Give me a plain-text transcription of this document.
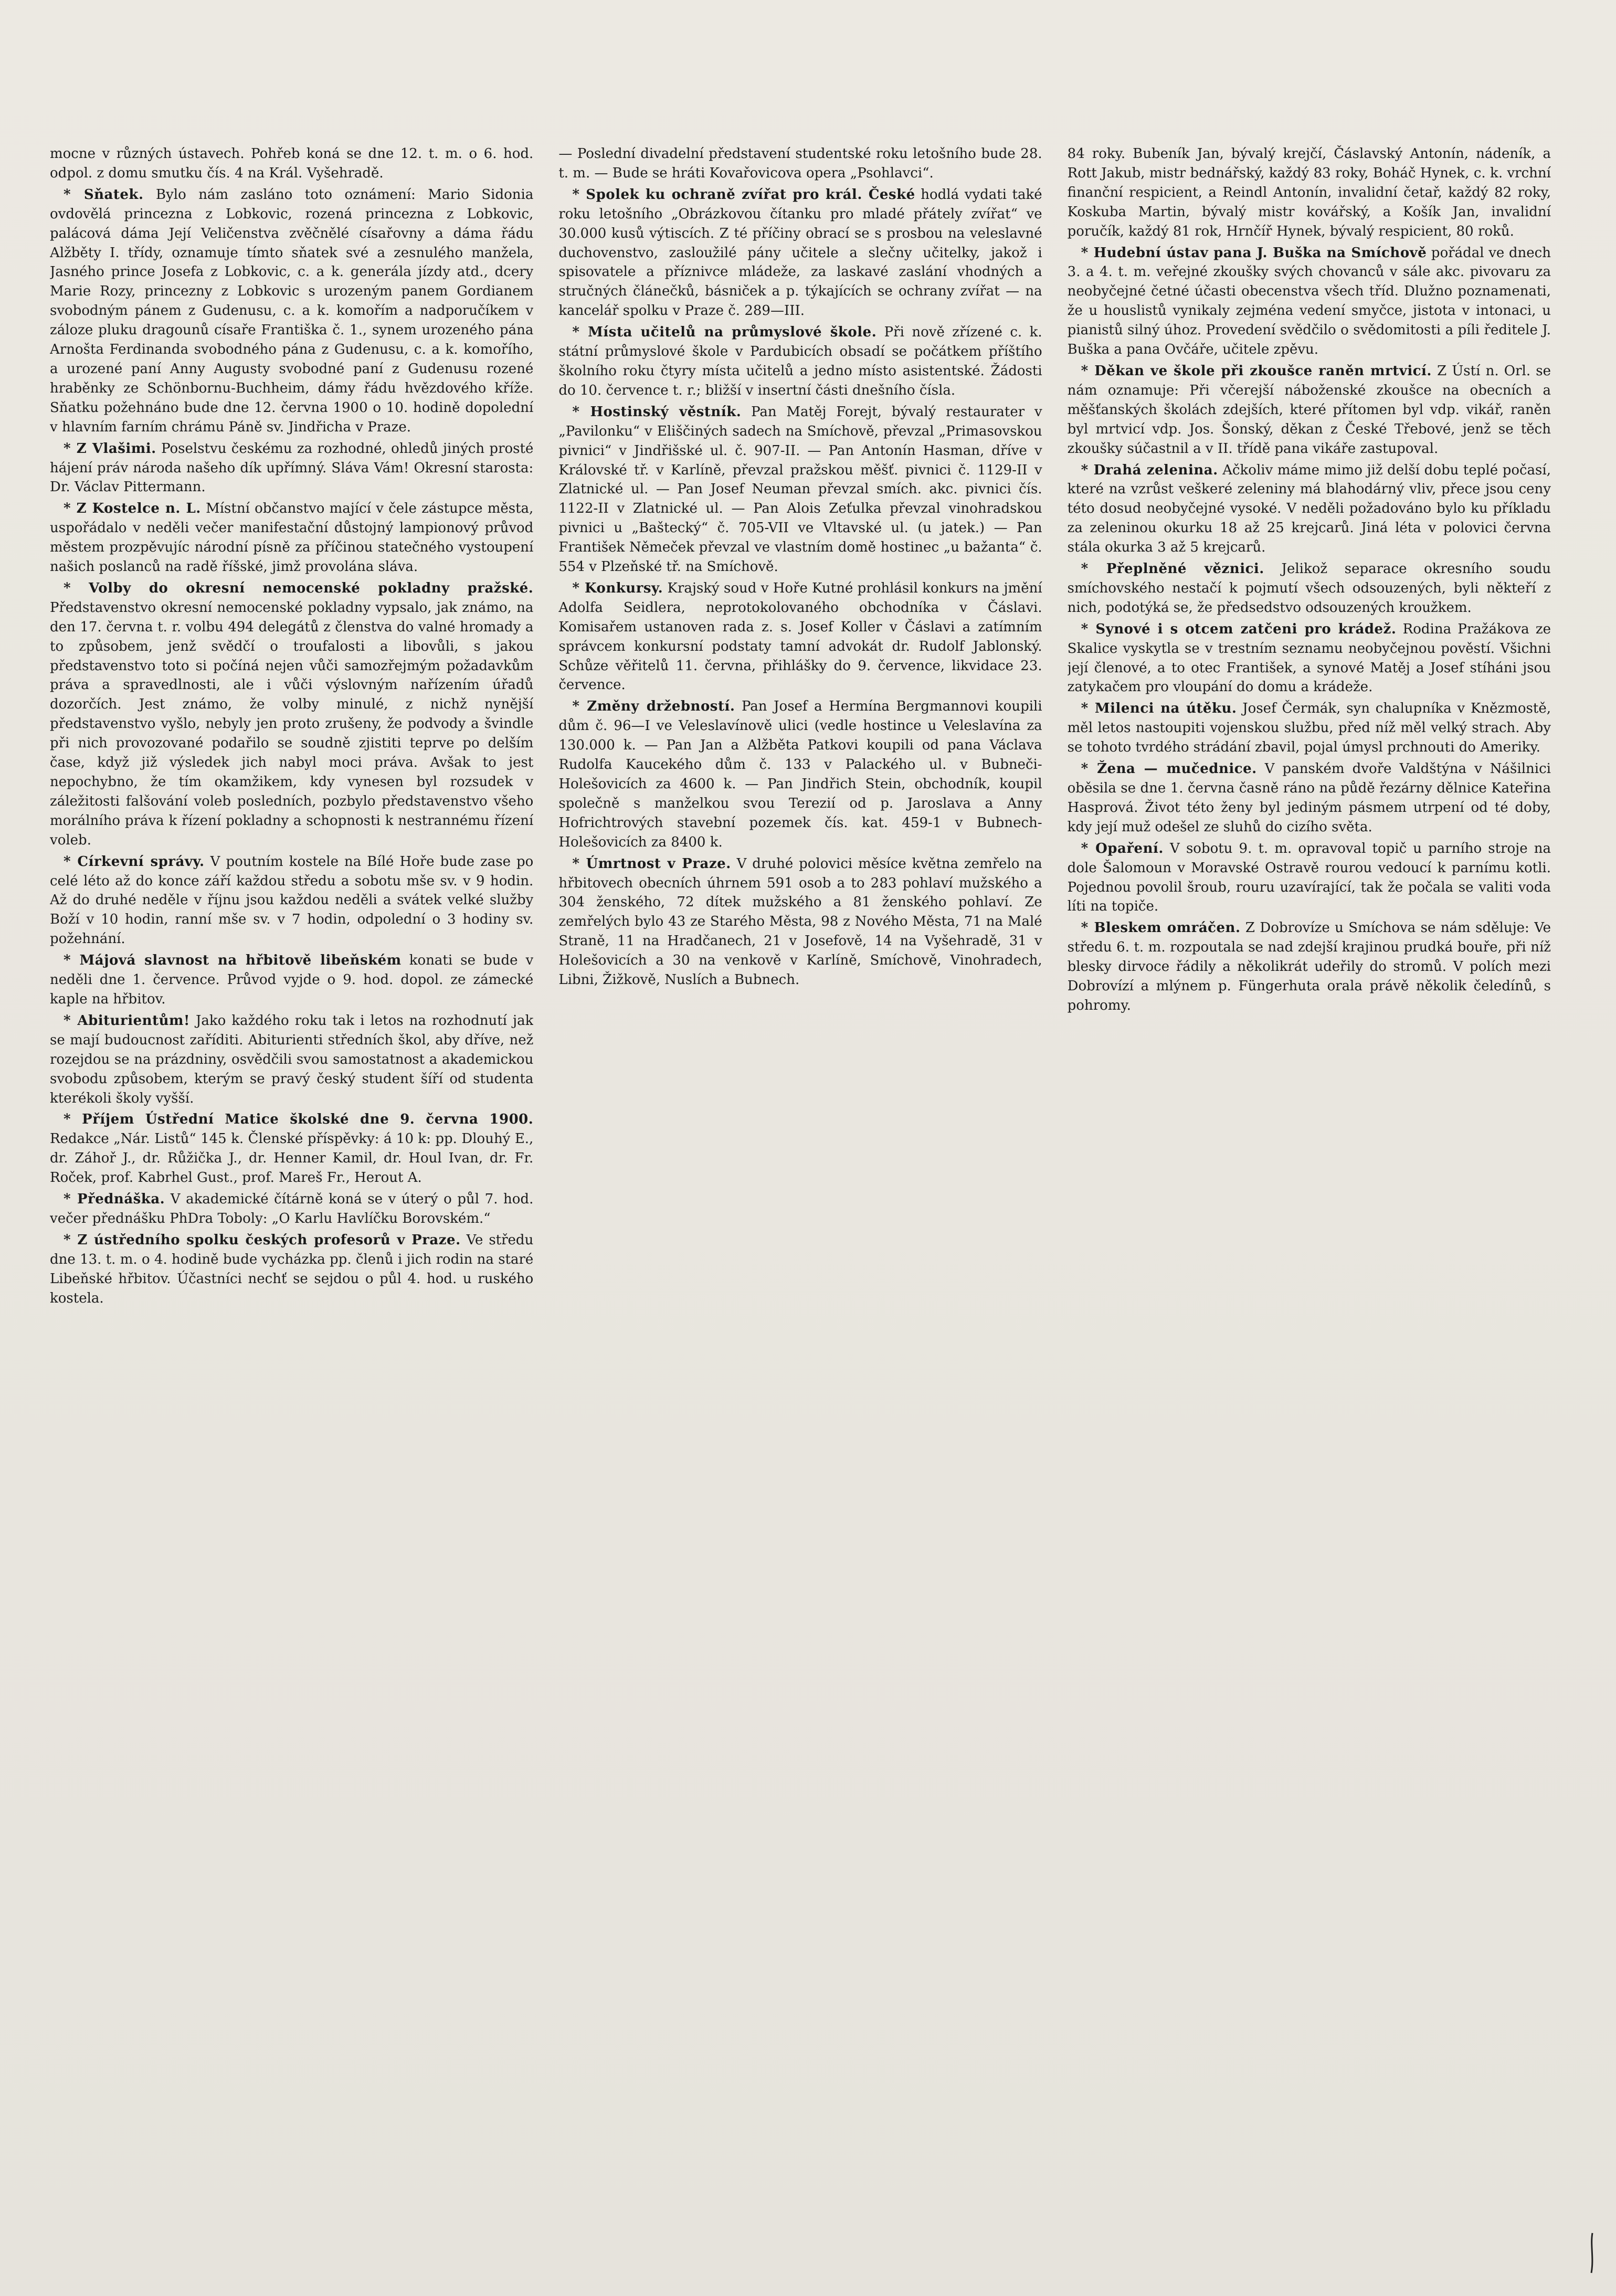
mocne v různých ústavech. Pohřeb koná se dne 12. t. m. o 6. hod. odpol. z domu smutku čís. 4 na Král. Vyšehradě.

* Sňatek. Bylo nám zasláno toto oznámení: Mario Sidonia ovdovělá princezna z Lobkovic, rozená princezna z Lobkovic, palácová dáma Její Veličenstva zvěčnělé císařovny a dáma řádu Alžběty I. třídy, oznamuje tímto sňatek své a zesnulého manžela, Jasného prince Josefa z Lobkovic, c. a k. generála jízdy atd., dcery Marie Rozy, princezny z Lobkovic s urozeným panem Gordianem svobodným pánem z Gudenusu, c. a k. komořím a nadporučíkem v záloze pluku dragounů císaře Františka č. 1., synem urozeného pána Arnošta Ferdinanda svobodného pána z Gudenusu, c. a k. komořího, a urozené paní Anny Augusty svobodné paní z Gudenusu rozené hraběnky ze Schönbornu-Buchheim, dámy řádu hvězdového kříže. Sňatku požehnáno bude dne 12. června 1900 o 10. hodině dopolední v hlavním farním chrámu Páně sv. Jindřicha v Praze.

* Z Vlašimi. Poselstvu českému za rozhodné, ohledů jiných prosté hájení práv národa našeho dík upřímný. Sláva Vám! Okresní starosta: Dr. Václav Pittermann.

* Z Kostelce n. L. Místní občanstvo mající v čele zástupce města, uspořádalo v neděli večer manifestační důstojný lampionový průvod městem prozpěvujíc národní písně za příčinou statečného vystoupení našich poslanců na radě říšské, jimž provolána sláva.

* Volby do okresní nemocenské pokladny pražské. Představenstvo okresní nemocenské pokladny vypsalo, jak známo, na den 17. června t. r. volbu 494 delegátů z členstva do valné hromady a to způsobem, jenž svědčí o troufalosti a libovůli, s jakou představenstvo toto si počíná nejen vůči samozřejmým požadavkům práva a spravedlnosti, ale i vůči výslovným nařízením úřadů dozorčích. Jest známo, že volby minulé, z nichž nynější představenstvo vyšlo, nebyly jen proto zrušeny, že podvody a švindle při nich provozované podařilo se soudně zjistiti teprve po delším čase, když již výsledek jich nabyl moci práva. Avšak to jest nepochybno, že tím okamžikem, kdy vynesen byl rozsudek v záležitosti falšování voleb posledních, pozbylo představenstvo všeho morálního práva k řízení pokladny a schopnosti k nestrannému řízení voleb.

* Církevní správy. V poutním kostele na Bílé Hoře bude zase po celé léto až do konce září každou středu a sobotu mše sv. v 9 hodin. Až do druhé neděle v říjnu jsou každou neděli a svátek velké služby Boží v 10 hodin, ranní mše sv. v 7 hodin, odpolední o 3 hodiny sv. požehnání.

* Májová slavnost na hřbitově libeňském konati se bude v neděli dne 1. července. Průvod vyjde o 9. hod. dopol. ze zámecké kaple na hřbitov.

* Abiturientům! Jako každého roku tak i letos na rozhodnutí jak se mají budoucnost zaříditi. Abiturienti středních škol, aby dříve, než rozejdou se na prázdniny, osvědčili svou samostatnost a akademickou svobodu způsobem, kterým se pravý český student šíří od studenta kterékoli školy vyšší.

* Příjem Ústřední Matice školské dne 9. června 1900. Redakce „Nár. Listů“ 145 k. Členské příspěvky: á 10 k: pp. Dlouhý E., dr. Záhoř J., dr. Růžička J., dr. Henner Kamil, dr. Houl Ivan, dr. Fr. Roček, prof. Kabrhel Gust., prof. Mareš Fr., Herout A.

* Přednáška. V akademické čítárně koná se v úterý o půl 7. hod. večer přednášku PhDra Toboly: „O Karlu Havlíčku Borovském.“

* Z ústředního spolku českých profesorů v Praze. Ve středu dne 13. t. m. o 4. hodině bude vycházka pp. členů i jich rodin na staré Libeňské hřbitov. Účastníci nechť se sejdou o půl 4. hod. u ruského kostela.

— Poslední divadelní představení studentské roku letošního bude 28. t. m. — Bude se hráti Kovařovicova opera „Psohlavci“.

* Spolek ku ochraně zvířat pro král. České hodlá vydati také roku letošního „Obrázkovou čítanku pro mladé přátely zvířat“ ve 30.000 kusů výtiscích. Z té příčiny obrací se s prosbou na veleslavné duchovenstvo, zasloužilé pány učitele a slečny učitelky, jakož i spisovatele a příznivce mládeže, za laskavé zaslání vhodných a stručných článečků, básniček a p. týkajících se ochrany zvířat — na kancelář spolku v Praze č. 289—III.

* Místa učitelů na průmyslové škole. Při nově zřízené c. k. státní průmyslové škole v Pardubicích obsadí se počátkem příštího školního roku čtyry místa učitelů a jedno místo asistentské. Žádosti do 10. července t. r.; bližší v insertní části dnešního čísla.

* Hostinský věstník. Pan Matěj Forejt, bývalý restaurater v „Pavilonku“ v Eliščiných sadech na Smíchově, převzal „Primasovskou pivnici“ v Jindřišské ul. č. 907-II. — Pan Antonín Hasman, dříve v Královské tř. v Karlíně, převzal pražskou měšť. pivnici č. 1129-II v Zlatnické ul. — Pan Josef Neuman převzal smích. akc. pivnici čís. 1122-II v Zlatnické ul. — Pan Alois Zeťulka převzal vinohradskou pivnici u „Baštecký“ č. 705-VII ve Vltavské ul. (u jatek.) — Pan František Němeček převzal ve vlastním domě hostinec „u bažanta“ č. 554 v Plzeňské tř. na Smíchově.

* Konkursy. Krajský soud v Hoře Kutné prohlásil konkurs na jmění Adolfa Seidlera, neprotokolovaného obchodníka v Čáslavi. Komisařem ustanoven rada z. s. Josef Koller v Čáslavi a zatímním správcem konkursní podstaty tamní advokát dr. Rudolf Jablonský. Schůze věřitelů 11. června, přihlášky do 9. července, likvidace 23. července.

* Změny držebností. Pan Josef a Hermína Bergmannovi koupili dům č. 96—I ve Veleslavínově ulici (vedle hostince u Veleslavína za 130.000 k. — Pan Jan a Alžběta Patkovi koupili od pana Václava Rudolfa Kaucekého dům č. 133 v Palackého ul. v Bubneči-Holešovicích za 4600 k. — Pan Jindřich Stein, obchodník, koupil společně s manželkou svou Terezií od p. Jaroslava a Anny Hofrichtrových stavební pozemek čís. kat. 459-1 v Bubnech-Holešovicích za 8400 k.

* Úmrtnost v Praze. V druhé polovici měsíce května zemřelo na hřbitovech obecních úhrnem 591 osob a to 283 pohlaví mužského a 304 ženského, 72 dítek mužského a 81 ženského pohlaví. Ze zemřelých bylo 43 ze Starého Města, 98 z Nového Města, 71 na Malé Straně, 11 na Hradčanech, 21 v Josefově, 14 na Vyšehradě, 31 v Holešovicích a 30 na venkově v Karlíně, Smíchově, Vinohradech, Libni, Žižkově, Nuslích a Bubnech.

84 roky. Bubeník Jan, bývalý krejčí, Čáslavský Antonín, nádeník, a Rott Jakub, mistr bednářský, každý 83 roky, Boháč Hynek, c. k. vrchní finanční respicient, a Reindl Antonín, invalidní četař, každý 82 roky, Koskuba Martin, bývalý mistr kovářský, a Košík Jan, invalidní poručík, každý 81 rok, Hrnčíř Hynek, bývalý respicient, 80 roků.

* Hudební ústav pana J. Buška na Smíchově pořádal ve dnech 3. a 4. t. m. veřejné zkoušky svých chovanců v sále akc. pivovaru za neobyčejné četné účasti obecenstva všech tříd. Dlužno poznamenati, že u houslistů vynikaly zejména vedení smyčce, jistota v intonaci, u pianistů silný úhoz. Provedení svědčilo o svědomitosti a píli ředitele J. Buška a pana Ovčáře, učitele zpěvu.

* Děkan ve škole při zkoušce raněn mrtvicí. Z Ústí n. Orl. se nám oznamuje: Při včerejší náboženské zkoušce na obecních a měšťanských školách zdejších, které přítomen byl vdp. vikář, raněn byl mrtvicí vdp. Jos. Šonský, děkan z České Třebové, jenž se těch zkoušky súčastnil a v II. třídě pana vikáře zastupoval.

* Drahá zelenina. Ačkoliv máme mimo již delší dobu teplé počasí, které na vzrůst veškeré zeleniny má blahodárný vliv, přece jsou ceny této dosud neobyčejné vysoké. V neděli požadováno bylo ku příkladu za zeleninou okurku 18 až 25 krejcarů. Jiná léta v polovici června stála okurka 3 až 5 krejcarů.

* Přeplněné věznici. Jelikož separace okresního soudu smíchovského nestačí k pojmutí všech odsouzených, byli někteří z nich, podotýká se, že předsedstvo odsouzených kroužkem.

* Synové i s otcem zatčeni pro krádež. Rodina Pražákova ze Skalice vyskytla se v trestním seznamu neobyčejnou pověstí. Všichni její členové, a to otec František, a synové Matěj a Josef stíháni jsou zatykačem pro vloupání do domu a krádeže.

* Milenci na útěku. Josef Čermák, syn chalupníka v Knězmostě, měl letos nastoupiti vojenskou službu, před níž měl velký strach. Aby se tohoto tvrdého strádání zbavil, pojal úmysl prchnouti do Ameriky.

* Žena — mučednice. V panském dvoře Valdštýna v Nášilnici oběsila se dne 1. června časně ráno na půdě řezárny dělnice Kateřina Hasprová. Život této ženy byl jediným pásmem utrpení od té doby, kdy její muž odešel ze sluhů do cizího světa.

* Opaření. V sobotu 9. t. m. opravoval topič u parního stroje na dole Šalomoun v Moravské Ostravě rourou vedoucí k parnímu kotli. Pojednou povolil šroub, rouru uzavírající, tak že počala se valiti voda líti na topiče.

* Bleskem omráčen. Z Dobrovíze u Smíchova se nám sděluje: Ve středu 6. t. m. rozpoutala se nad zdejší krajinou prudká bouře, při níž blesky dirvoce řádily a několikrát udeřily do stromů. V polích mezi Dobrovízí a mlýnem p. Füngerhuta orala právě několik čeledínů, s pohromy.
